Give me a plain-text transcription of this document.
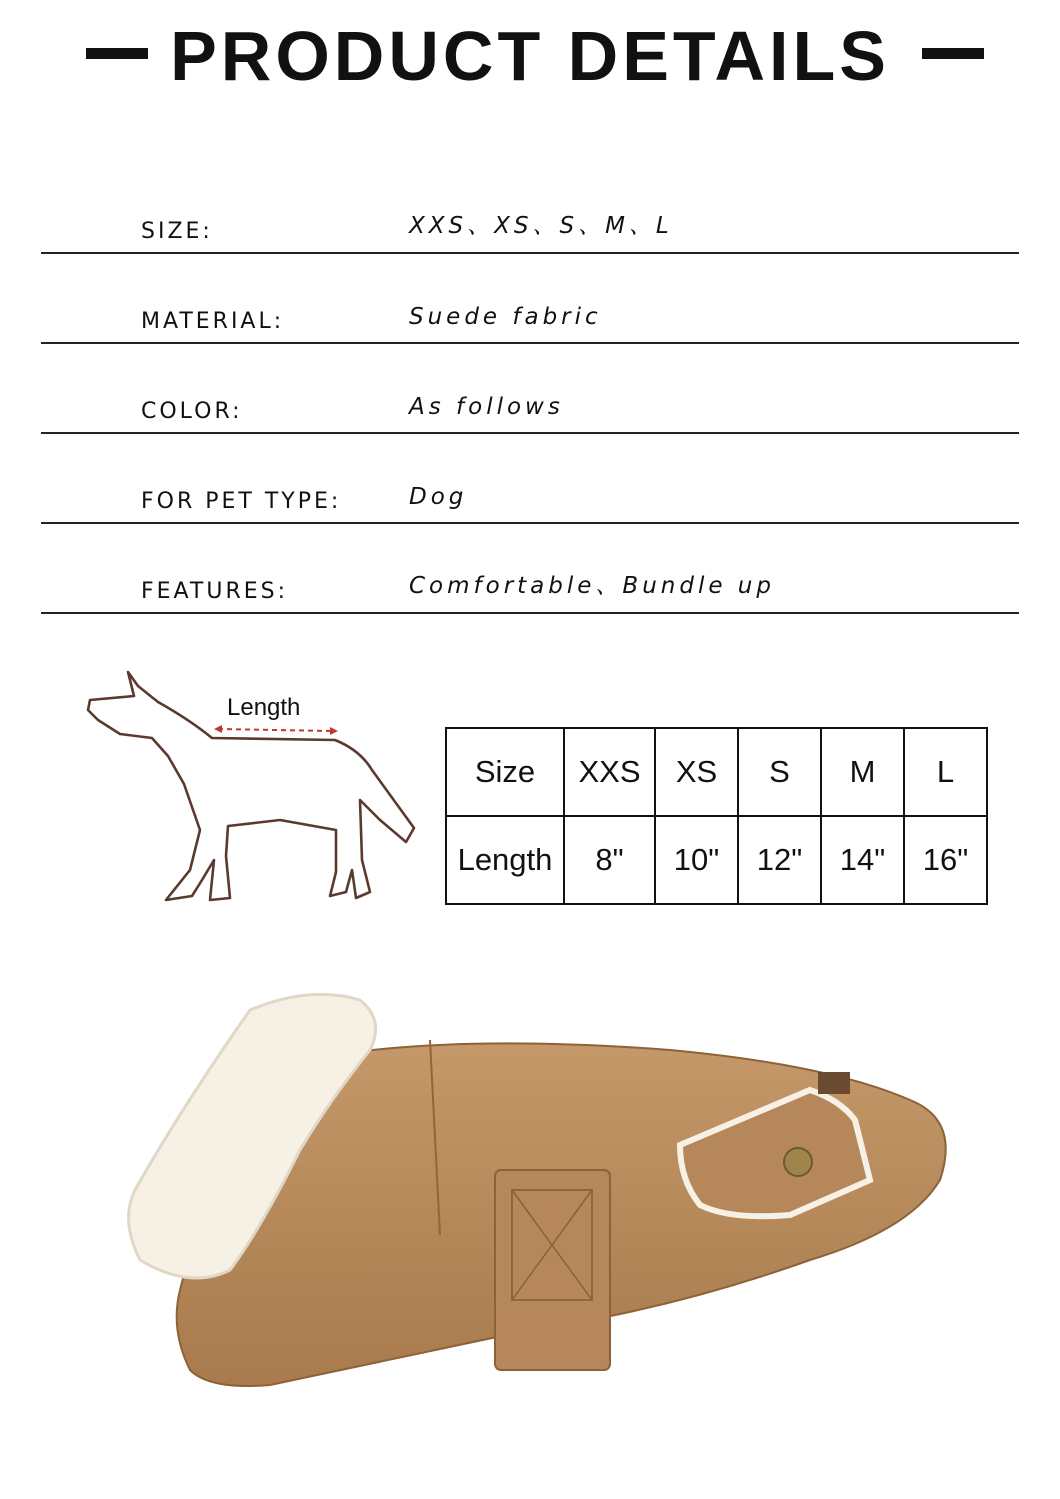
PRODUCT DETAILS
SIZE:	XXS、XS、S、M、L
MATERIAL:	Suede fabric
COLOR:	As follows
FOR PET TYPE:	Dog
FEATURES:	Comfortable、Bundle up
Length
Size	XXS	XS	S	M	L
Length	8"	10"	12"	14"	16"
